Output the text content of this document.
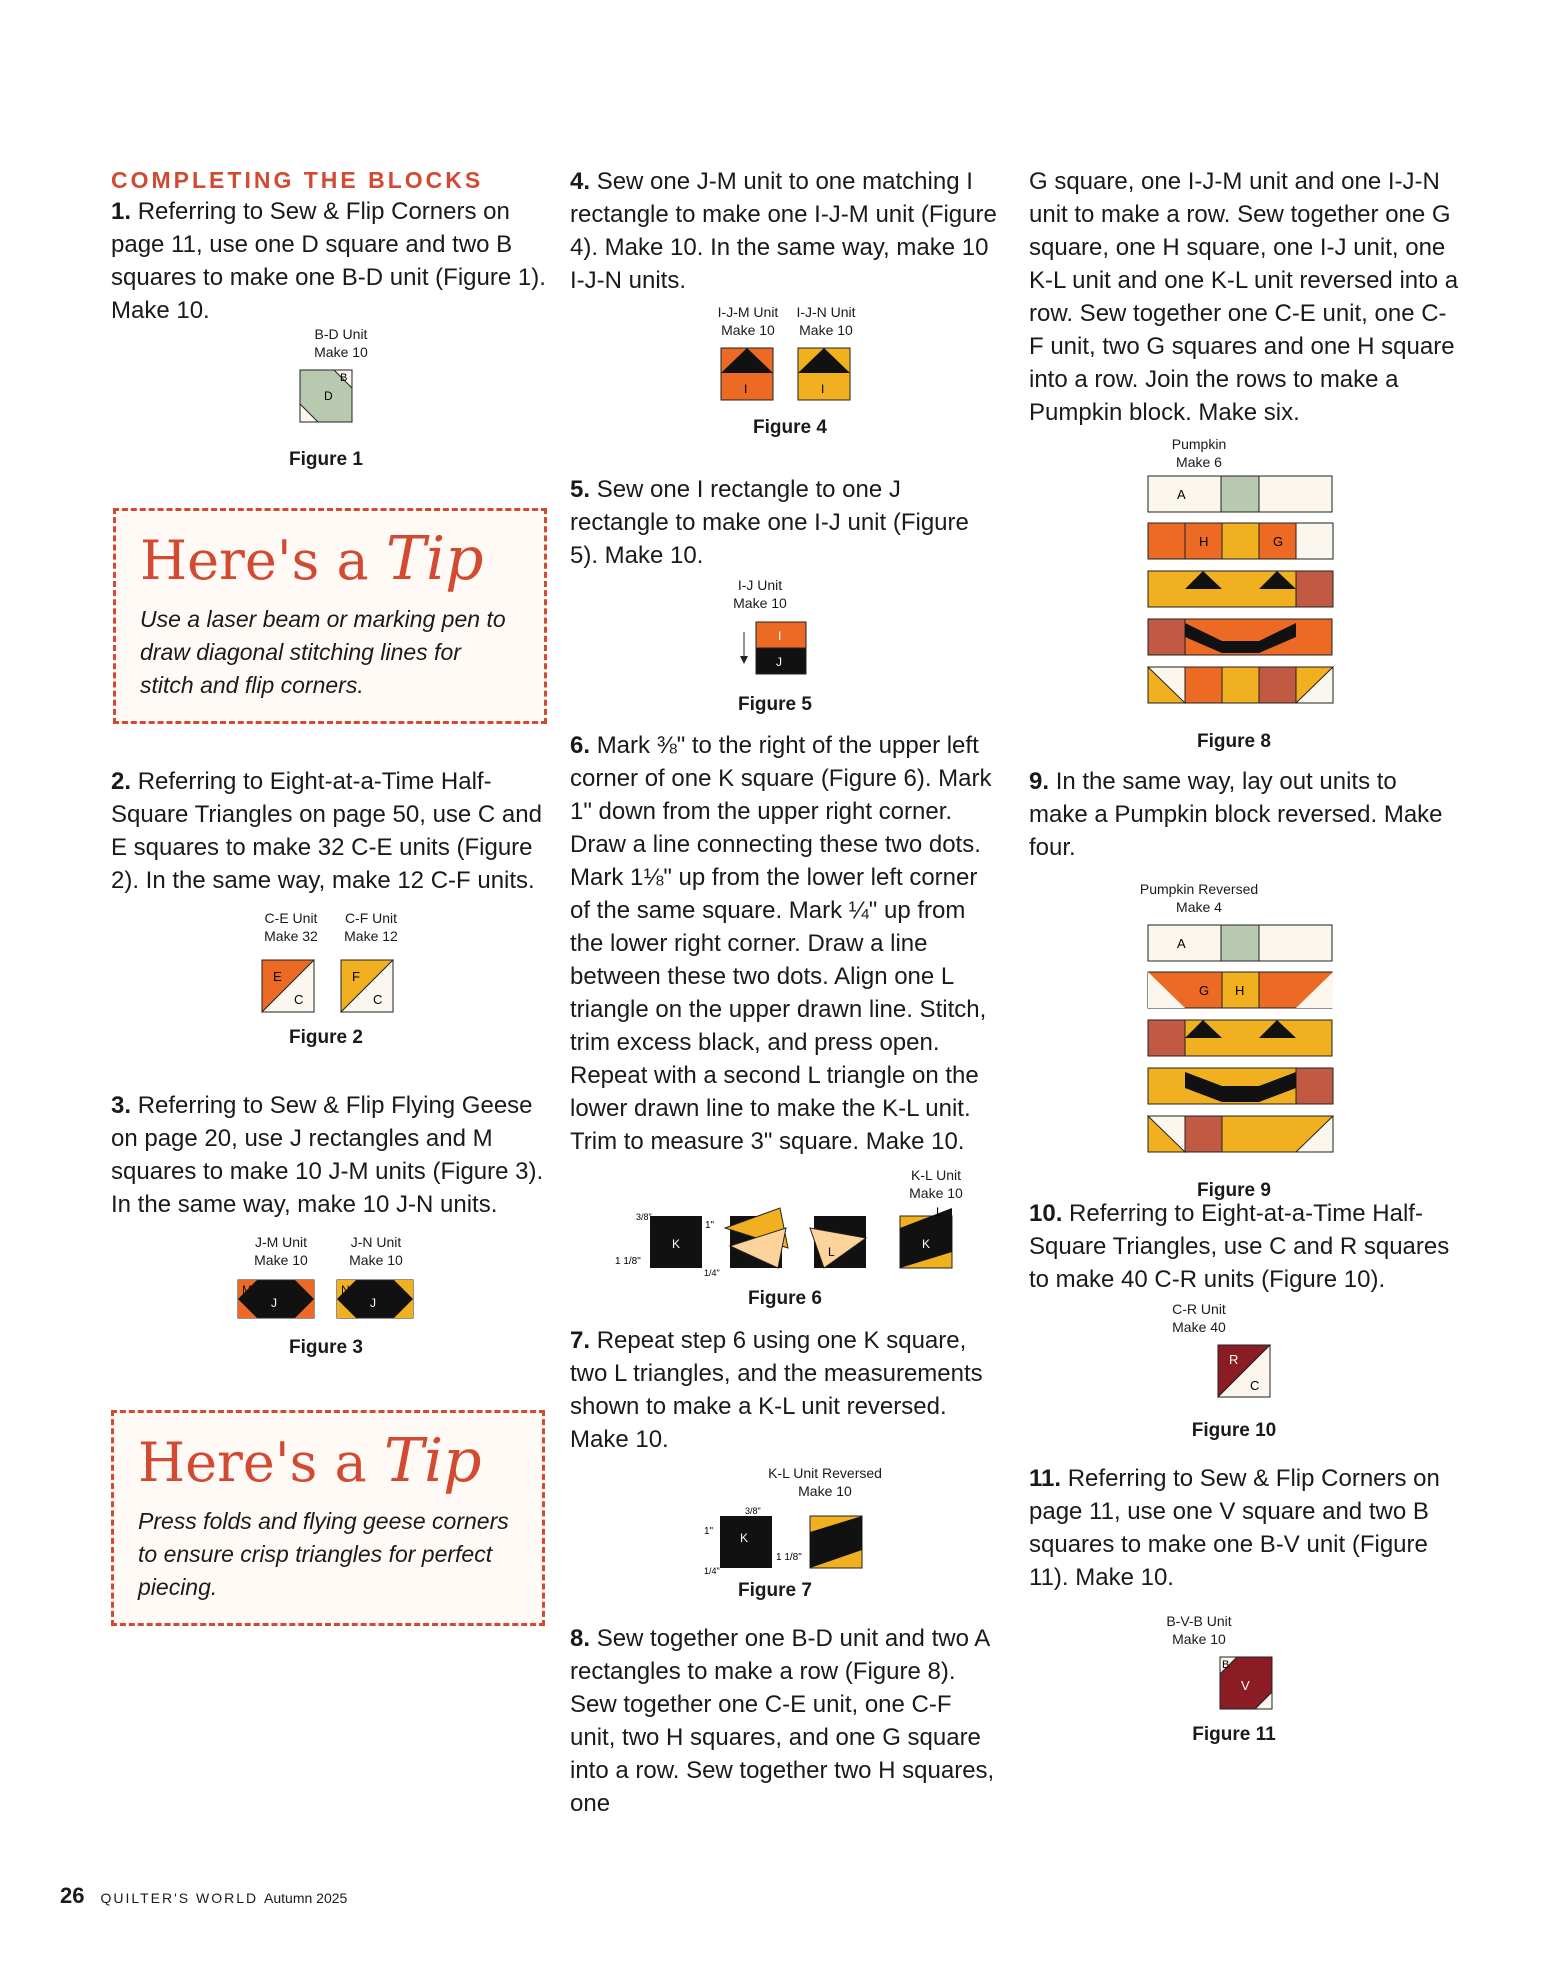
COMPLETING THE BLOCKS

1. Referring to Sew & Flip Corners on page 11, use one D square and two B squares to make one B-D unit (Figure 1). Make 10.

B-D Unit
Make 10
D
B
Figure 1
Here's a Tip
Use a laser beam or marking pen to draw diagonal stitching lines for stitch and flip corners.

2. Referring to Eight-at-a-Time Half-Square Triangles on page 50, use C and E squares to make 32 C-E units (Figure 2). In the same way, make 12 C-F units.

C-E Unit
Make 32
C-F Unit
Make 12
E
C
F
C
Figure 2

3. Referring to Sew & Flip Flying Geese on page 20, use J rectangles and M squares to make 10 J-M units (Figure 3). In the same way, make 10 J-N units.

J-M Unit
Make 10
J-N Unit
Make 10
M
J
N
J
Figure 3
Here's a Tip
Press folds and flying geese corners to ensure crisp triangles for perfect piecing.

4. Sew one J-M unit to one matching I rectangle to make one I-J-M unit (Figure 4). Make 10. In the same way, make 10 I-J-N units.

I-J-M Unit
Make 10
I-J-N Unit
Make 10
I	I
Figure 4

5. Sew one I rectangle to one J rectangle to make one I-J unit (Figure 5). Make 10.

I-J Unit
Make 10
I
J
Figure 5

6. Mark ⅜" to the right of the upper left corner of one K square (Figure 6). Mark 1" down from the upper right corner. Draw a line connecting these two dots. Mark 1⅛" up from the lower left corner of the same square. Mark ¼" up from the lower right corner. Draw a line between these two dots. Align one L triangle on the upper drawn line. Stitch, trim excess black, and press open. Repeat with a second L triangle on the lower drawn line to make the K-L unit. Trim to measure 3" square. Make 10.

K-L Unit
Make 10
K
3/8"
1"
1 1/8"
1/4"
L
K
L
Figure 6

7. Repeat step 6 using one K square, two L triangles, and the measurements shown to make a K-L unit reversed. Make 10.

K-L Unit Reversed
Make 10
K
3/8"
1"
1/4"
1 1/8"
Figure 7

8. Sew together one B-D unit and two A rectangles to make a row (Figure 8). Sew together one C-E unit, one C-F unit, two H squares, and one G square into a row. Sew together two H squares, one

G square, one I-J-M unit and one I-J-N unit to make a row. Sew together one G square, one H square, one I-J unit, one K-L unit and one K-L unit reversed into a row. Sew together one C-E unit, one C-F unit, two G squares and one H square into a row. Join the rows to make a Pumpkin block. Make six.

Pumpkin
Make 6
A
H	G
Figure 8

9. In the same way, lay out units to make a Pumpkin block reversed. Make four.

Pumpkin Reversed
Make 4
A
G H
Figure 9

10. Referring to Eight-at-a-Time Half-Square Triangles, use C and R squares to make 40 C-R units (Figure 10).

C-R Unit
Make 40
R
C
Figure 10

11. Referring to Sew & Flip Corners on page 11, use one V square and two B squares to make one B-V unit (Figure 11). Make 10.

B-V-B Unit
Make 10
B
V
Figure 11
26 QUILTER'S WORLD Autumn 2025
